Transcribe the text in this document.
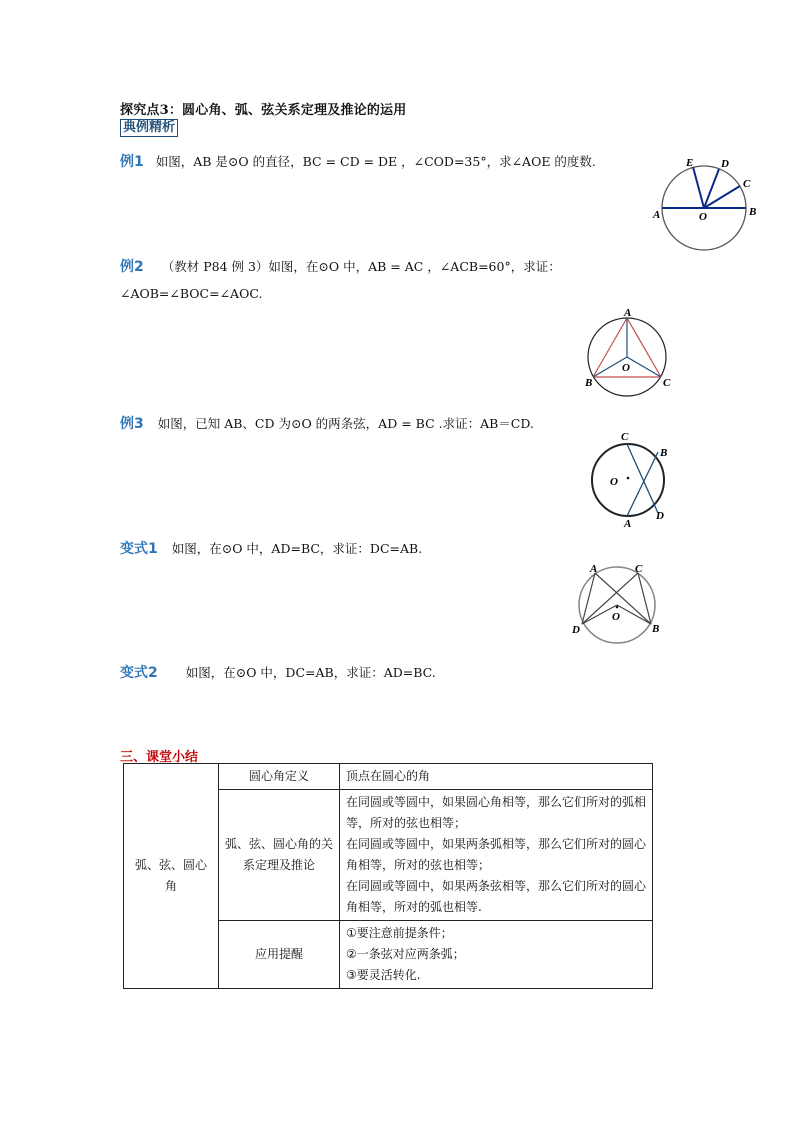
探究点3：圆心角、弧、弦关系定理及推论的运用
典例精析
例1 如图，AB 是⊙O 的直径，BC = CD = DE ，∠COD=35°，求∠AOE 的度数.	E	D
C
A	O	B
例2 （教材 P84 例 3）如图，在⊙O 中，AB = AC ，∠ACB=60°，求证：
∠AOB=∠BOC=∠AOC.
A
O
B	C
例3 如图，已知 AB、CD 为⊙O 的两条弦，AD = BC .求证：AB＝CD.
C
B
O
A
D
变式1 如图，在⊙O 中，AD=BC，求证：DC=AB.
A	C
O
D	B
变式2 如图，在⊙O 中，DC=AB，求证：AD=BC.
三、课堂小结
弧、弦、圆心角	圆心角定义	顶点在圆心的角

	弧、弦、圆心角的关系定理及推论	在同圆或等圆中，如果圆心角相等，那么它们所对的弧相等，所对的弦也相等；
在同圆或等圆中，如果两条弧相等，那么它们所对的圆心角相等，所对的弦也相等；
在同圆或等圆中，如果两条弦相等，那么它们所对的圆心角相等，所对的弧也相等.

	应用提醒	①要注意前提条件；
②一条弦对应两条弧；
③要灵活转化.
